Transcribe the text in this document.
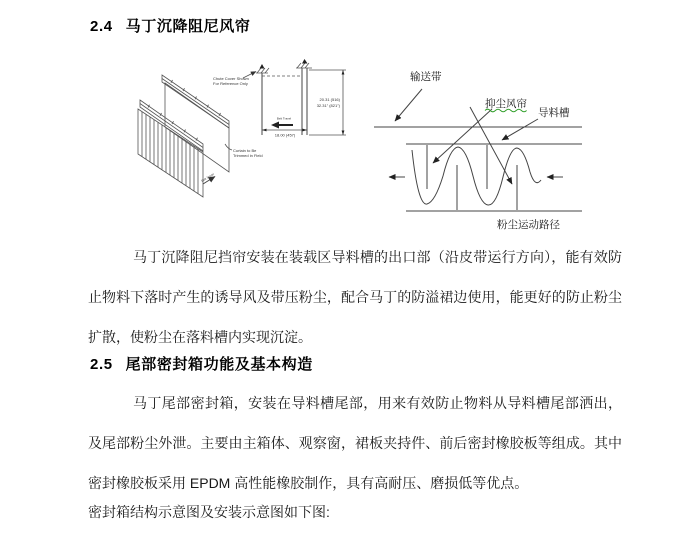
2.4 马丁沉降阻尼风帘
Belt Travel
Curtain to Be
Trimmed in Field
Belt Travel
20.31 (516)
32.31" (821")
18.00 (457)
Chute Cover Shown
For Reference Only
输送带
抑尘风帘
导料槽
粉尘运动路径

马丁沉降阻尼挡帘安装在装载区导料槽的出口部（沿皮带运行方向），能有效防止物料下落时产生的诱导风及带压粉尘，配合马丁的防溢裙边使用，能更好的防止粉尘扩散，使粉尘在落料槽内实现沉淀。

2.5 尾部密封箱功能及基本构造

马丁尾部密封箱，安装在导料槽尾部，用来有效防止物料从导料槽尾部洒出，及尾部粉尘外泄。主要由主箱体、观察窗，裙板夹持件、前后密封橡胶板等组成。其中密封橡胶板采用 EPDM 高性能橡胶制作，具有高耐压、磨损低等优点。

密封箱结构示意图及安装示意图如下图:
